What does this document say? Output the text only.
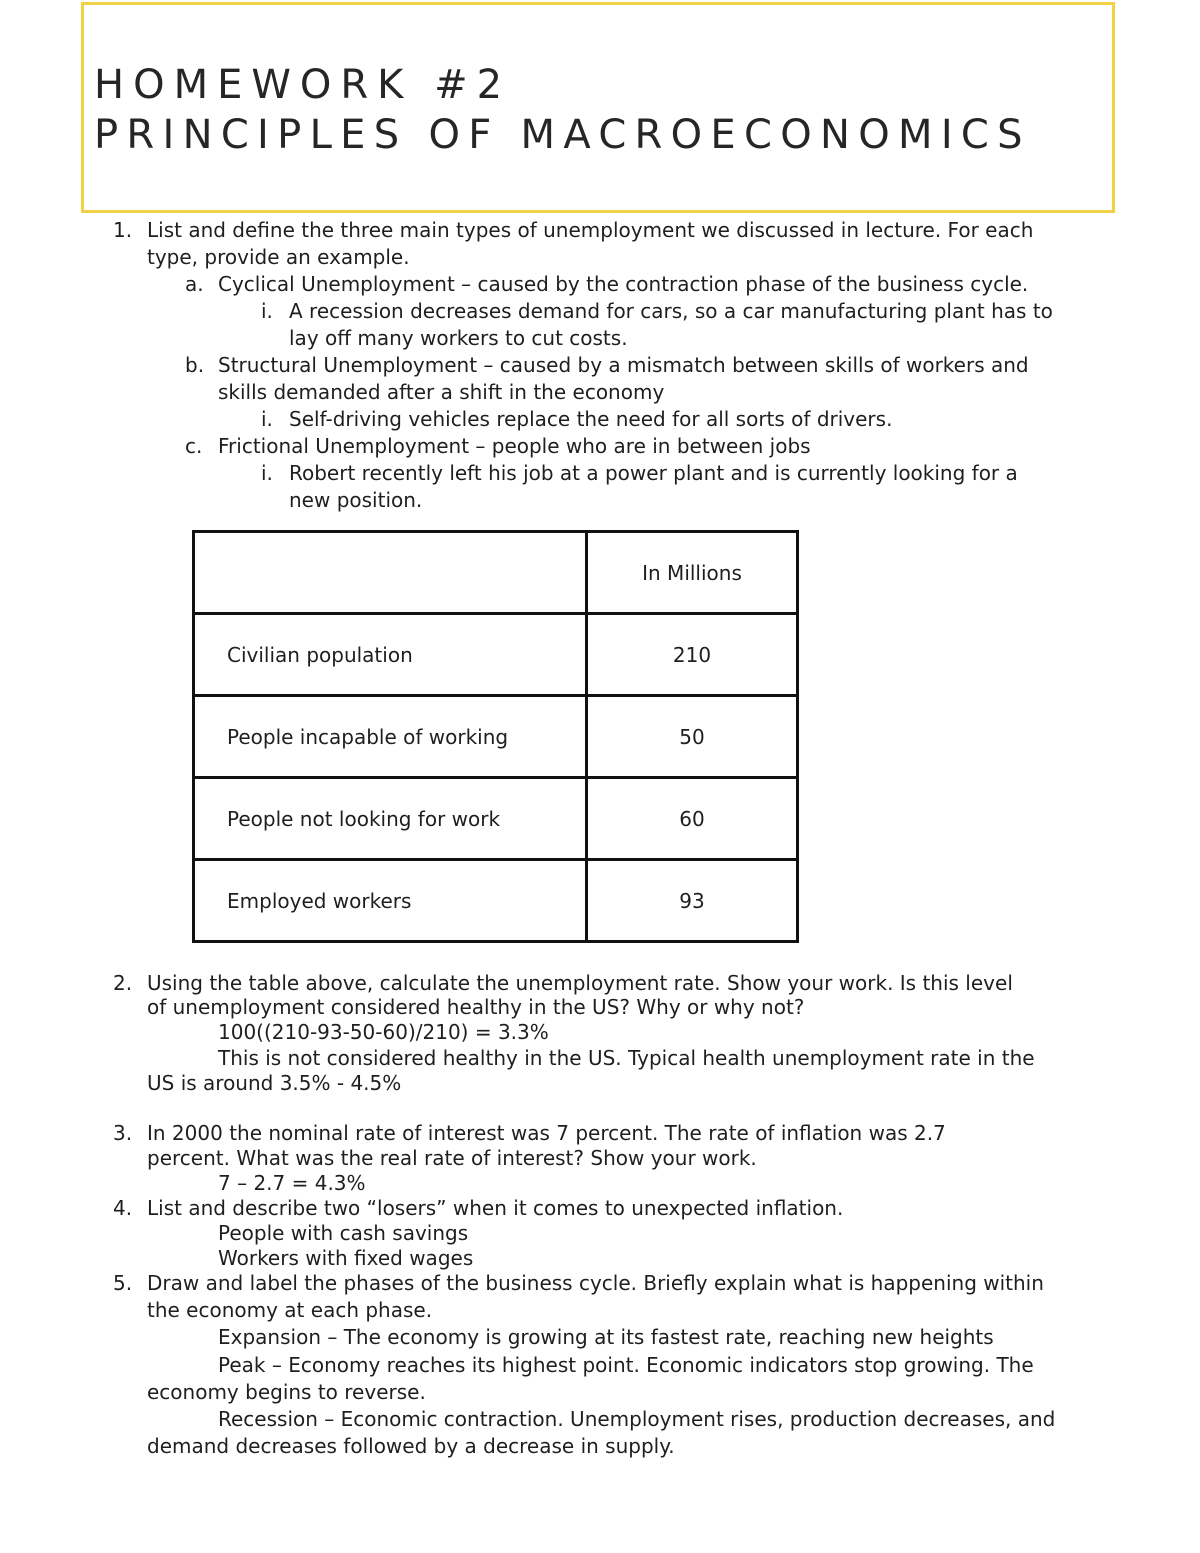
HOMEWORK #2
PRINCIPLES OF MACROECONOMICS
1. List and define the three main types of unemployment we discussed in lecture. For each
type, provide an example.
a. Cyclical Unemployment – caused by the contraction phase of the business cycle.
i. A recession decreases demand for cars, so a car manufacturing plant has to
lay off many workers to cut costs.
b. Structural Unemployment – caused by a mismatch between skills of workers and
skills demanded after a shift in the economy
i. Self-driving vehicles replace the need for all sorts of drivers.
c. Frictional Unemployment – people who are in between jobs
i. Robert recently left his job at a power plant and is currently looking for a
new position.
	In Millions
Civilian population	210
People incapable of working	50
People not looking for work	60
Employed workers	93
2. Using the table above, calculate the unemployment rate. Show your work. Is this level
of unemployment considered healthy in the US? Why or why not?
100((210-93-50-60)/210) = 3.3%
This is not considered healthy in the US. Typical health unemployment rate in the
US is around 3.5% - 4.5%
3. In 2000 the nominal rate of interest was 7 percent. The rate of inflation was 2.7
percent. What was the real rate of interest? Show your work.
7 – 2.7 = 4.3%
4. List and describe two “losers” when it comes to unexpected inflation.
People with cash savings
Workers with fixed wages
5. Draw and label the phases of the business cycle. Briefly explain what is happening within
the economy at each phase.
Expansion – The economy is growing at its fastest rate, reaching new heights
Peak – Economy reaches its highest point. Economic indicators stop growing. The
economy begins to reverse.
Recession – Economic contraction. Unemployment rises, production decreases, and
demand decreases followed by a decrease in supply.
